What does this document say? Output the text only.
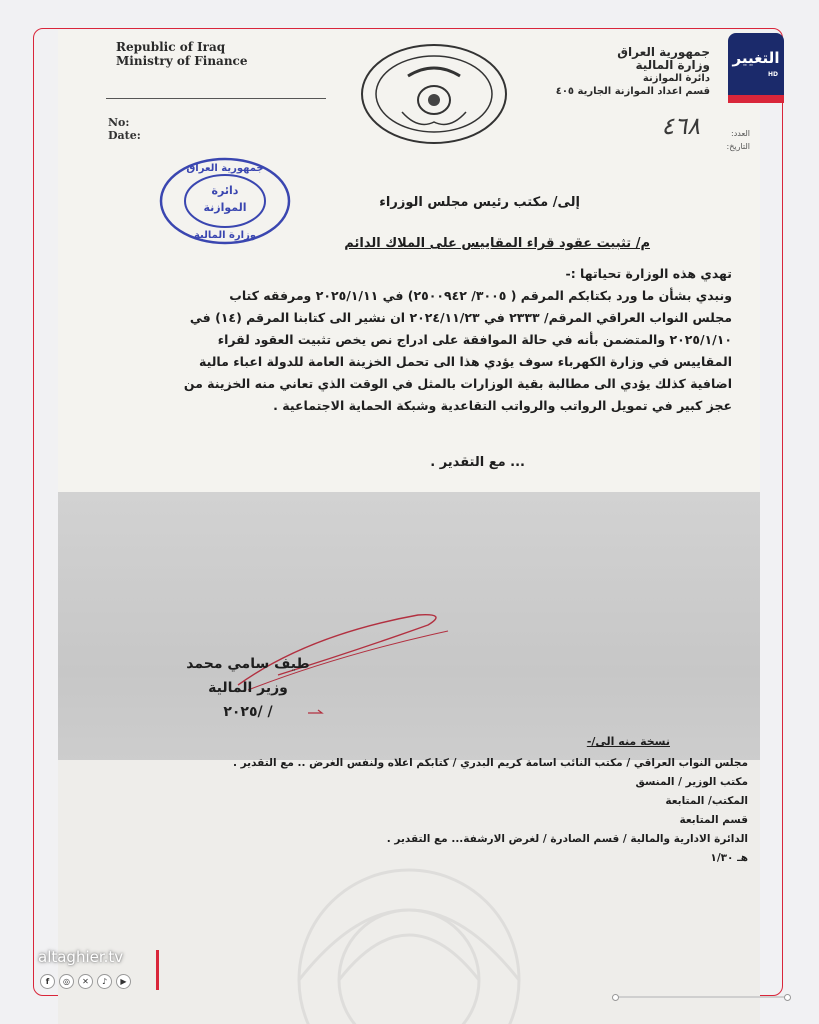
Republic of Iraq
Ministry of Finance
No:
Date:
جمهورية العراق
وزارة المالية
دائرة الموازنة
قسم اعداد الموازنة الجارية ٤٠٥
٤٦٨	العدد:
التاريخ:
جمهورية العراق
دائرة
الموازنة
وزارة المالية
إلى/ مكتب رئيس مجلس الوزراء
م/ تثبيت عقود قراء المقاييس على الملاك الدائم

تهدي هذه الوزارة تحياتها :-

ونبدي بشأن ما ورد بكتابكم المرقم ( ٣٠٠٥/ ٢٥٠٠٩٤٢) في ٢٠٢٥/١/١١ ومرفقه كتاب

مجلس النواب العراقي المرقم/ ٢٣٣٣ في ٢٠٢٤/١١/٢٣ ان نشير الى كتابنا المرقم (١٤) في

٢٠٢٥/١/١٠ والمتضمن بأنه في حالة الموافقة على ادراج نص يخص تثبيت العقود لقراء

المقاييس في وزارة الكهرباء سوف يؤدي هذا الى تحمل الخزينة العامة للدولة اعباء مالية

اضافية كذلك يؤدي الى مطالبة بقية الوزارات بالمثل في الوقت الذي تعاني منه الخزينة من

عجز كبير في تمويل الرواتب والرواتب التقاعدية وشبكة الحماية الاجتماعية .

... مع التقدير .
طيف سامي محمد
وزير المالية
/ /٢٠٢٥
نسخة منه الى/-
مجلس النواب العراقي / مكتب النائب اسامة كريم البدري / كتابكم اعلاه ولنفس الغرض .. مع التقدير .
مكتب الوزير / المنسق
المكتب/ المتابعة
قسم المتابعة
الدائرة الادارية والمالية / قسم الصادرة / لغرض الارشفة... مع التقدير .
هـ ١/٣٠
التغيير
HD
altaghier.tv
f	◎	✕	♪	▶
